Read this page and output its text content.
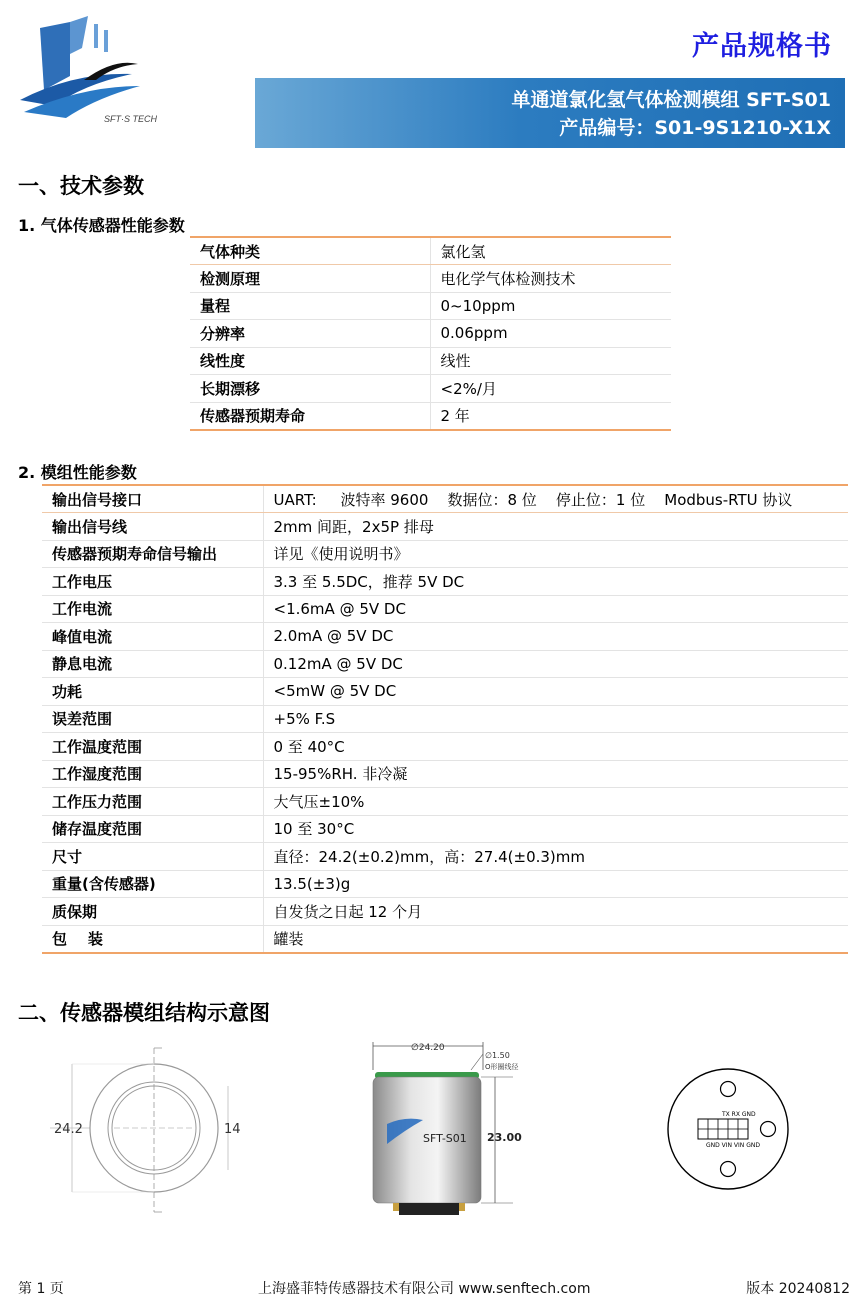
SFT·S TECH
产品规格书
单通道氯化氢气体检测模组 SFT-S01
产品编号：S01-9S1210-X1X
一、技术参数
1. 气体传感器性能参数
气体种类	氯化氢
检测原理	电化学气体检测技术
量程	0~10ppm
分辨率	0.06ppm
线性度	线性
长期漂移	<2%/月
传感器预期寿命	2 年
2. 模组性能参数
输出信号接口	UART:     波特率 9600    数据位：8 位    停止位：1 位    Modbus-RTU 协议
输出信号线	2mm 间距，2x5P 排母
传感器预期寿命信号输出	详见《使用说明书》
工作电压	3.3 至 5.5DC，推荐 5V DC
工作电流	<1.6mA @ 5V DC
峰值电流	2.0mA @ 5V DC
静息电流	0.12mA @ 5V DC
功耗	<5mW @ 5V DC
误差范围	+5% F.S
工作温度范围	0 至 40°C
工作湿度范围	15-95%RH. 非冷凝
工作压力范围	大气压±10%
储存温度范围	10 至 30°C
尺寸	直径：24.2(±0.2)mm，高：27.4(±0.3)mm
重量(含传感器)	13.5(±3)g
质保期	自发货之日起 12 个月
包    装	罐装
二、传感器模组结构示意图
24.2	14
∅24.20
∅1.50
O形圈线径
SFT-S01 23.00
TX RX GND
GND VIN VIN GND
第 1 页	上海盛菲特传感器技术有限公司 www.senftech.com	版本 20240812
